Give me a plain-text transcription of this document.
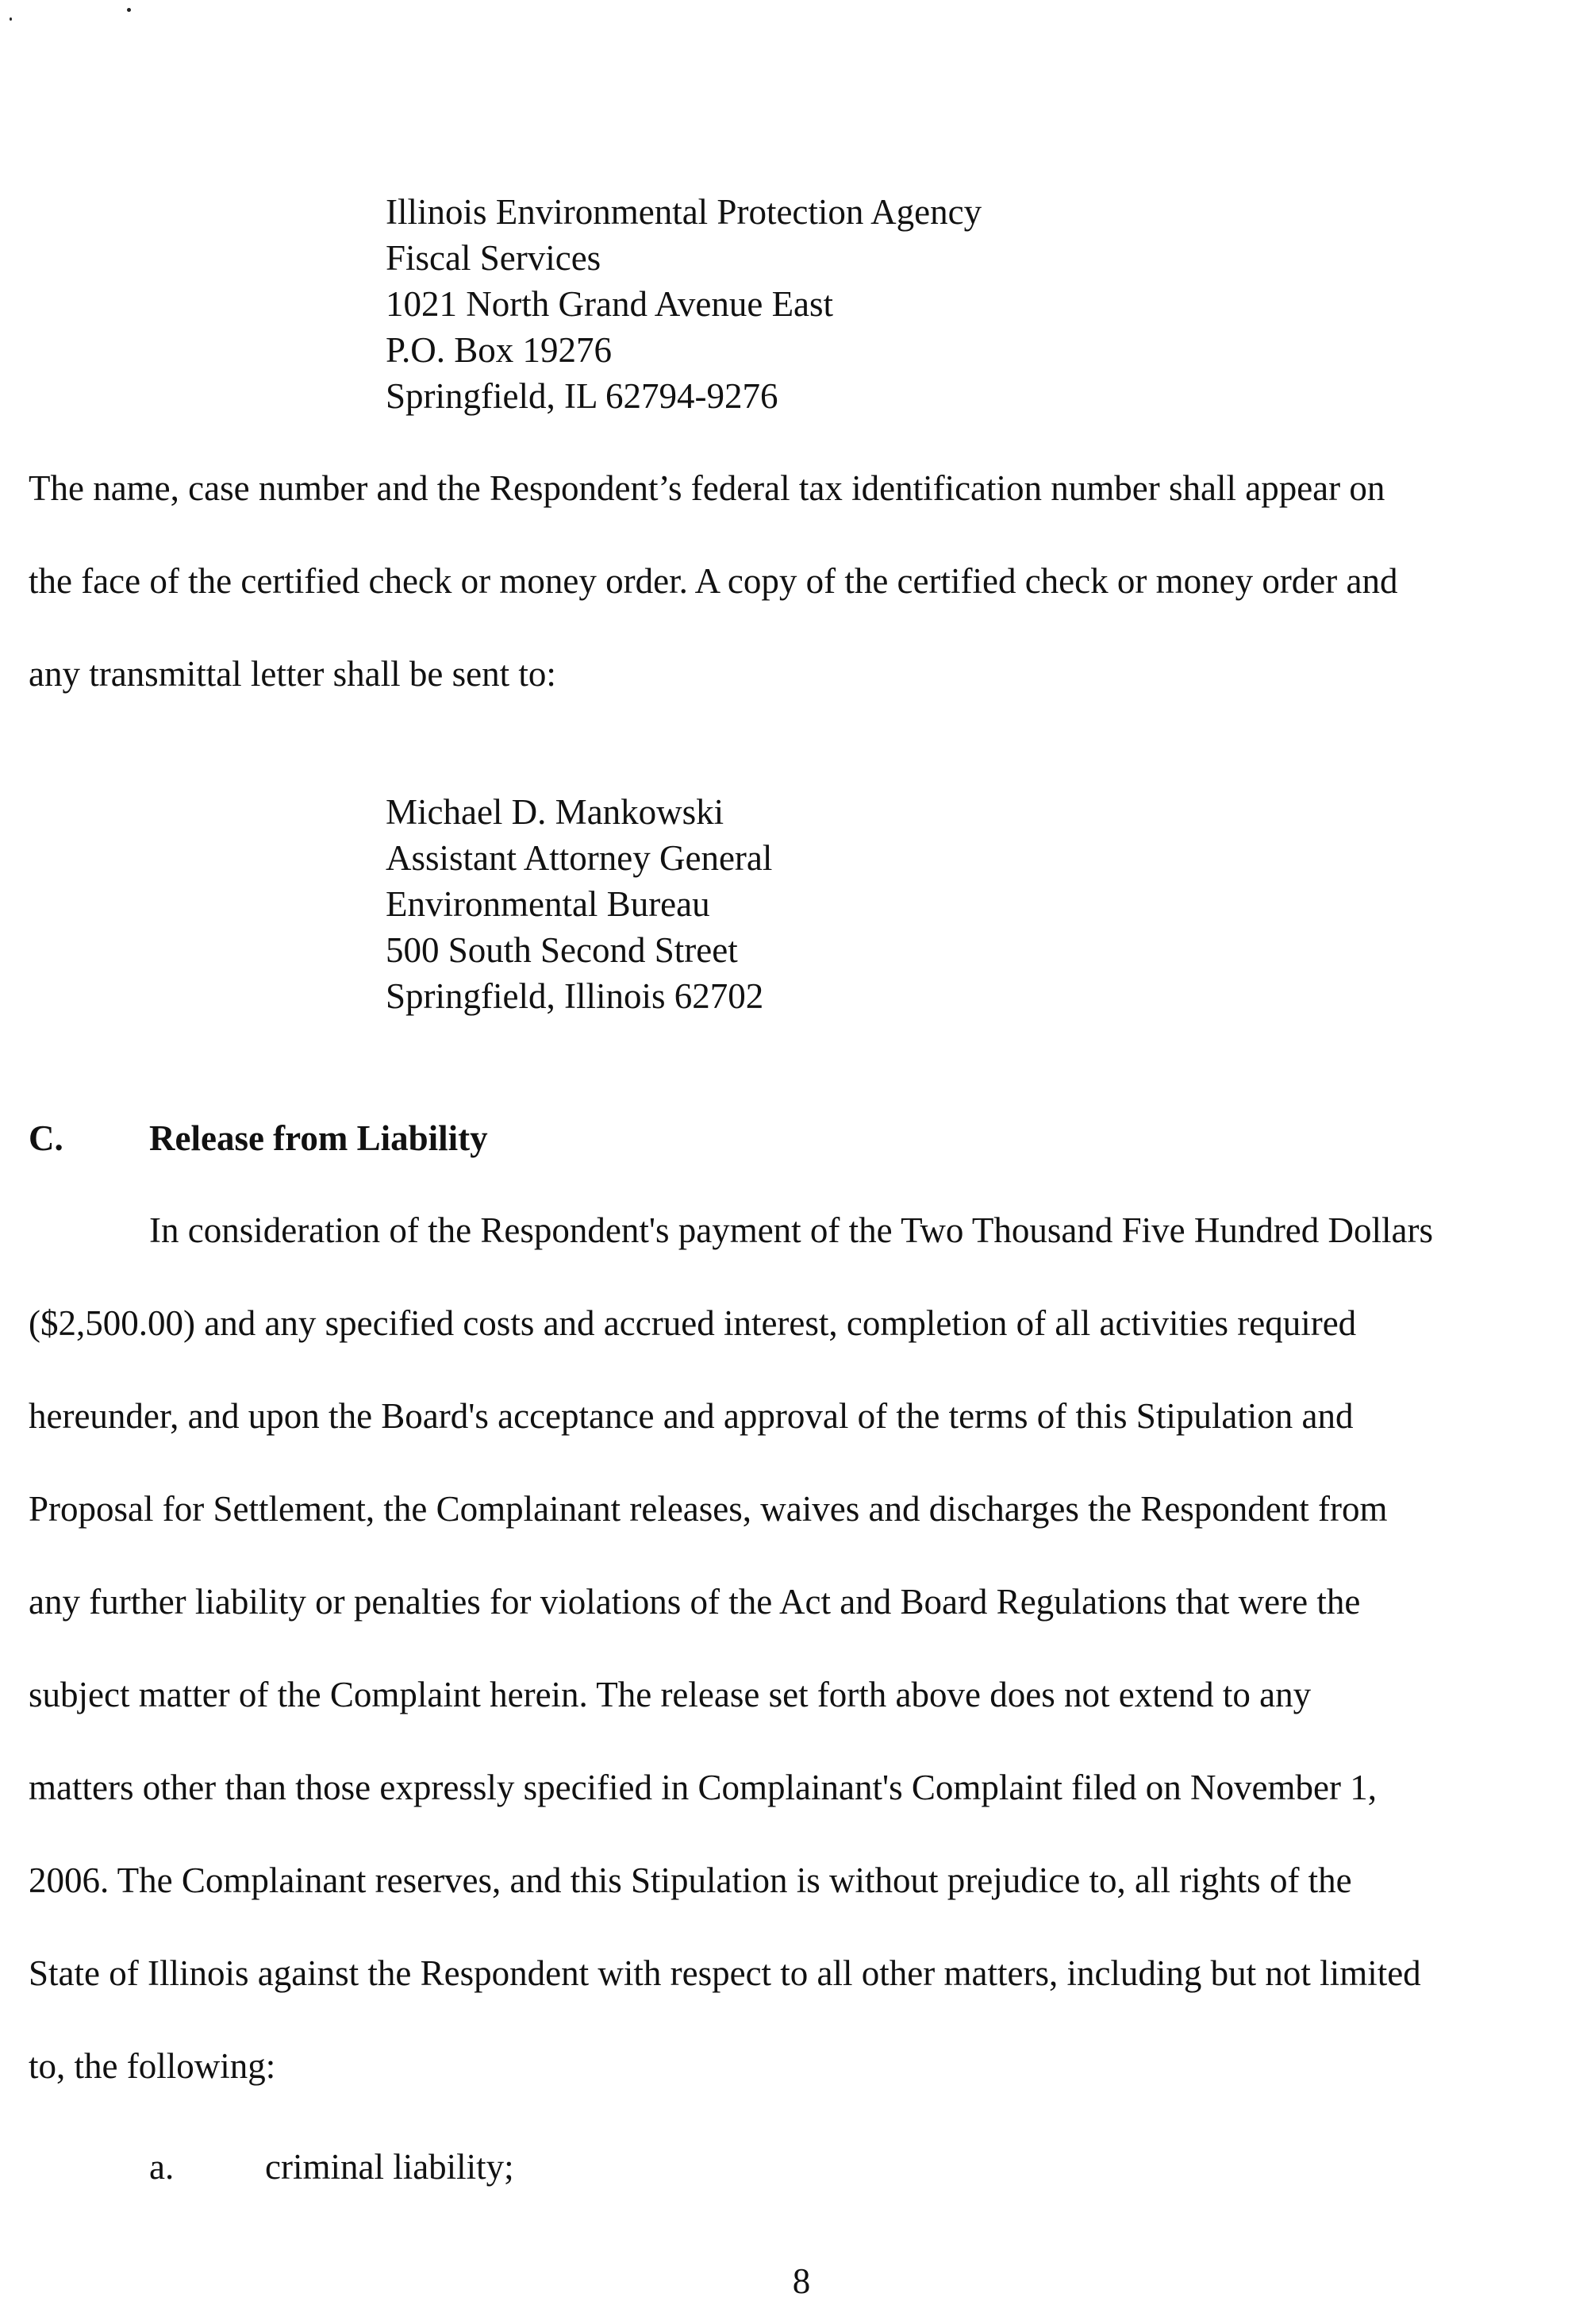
Illinois Environmental Protection Agency
Fiscal Services
1021 North Grand Avenue East
P.O. Box 19276
Springfield, IL 62794-9276

The name, case number and the Respondent’s federal tax identification number shall appear on

the face of the certified check or money order. A copy of the certified check or money order and

any transmittal letter shall be sent to:

Michael D. Mankowski
Assistant Attorney General
Environmental Bureau
500 South Second Street
Springfield, Illinois 62702
C. Release from Liability

In consideration of the Respondent's payment of the Two Thousand Five Hundred Dollars

($2,500.00) and any specified costs and accrued interest, completion of all activities required

hereunder, and upon the Board's acceptance and approval of the terms of this Stipulation and

Proposal for Settlement, the Complainant releases, waives and discharges the Respondent from

any further liability or penalties for violations of the Act and Board Regulations that were the

subject matter of the Complaint herein. The release set forth above does not extend to any

matters other than those expressly specified in Complainant's Complaint filed on November 1,

2006. The Complainant reserves, and this Stipulation is without prejudice to, all rights of the

State of Illinois against the Respondent with respect to all other matters, including but not limited

to, the following:

a.	criminal liability;
8
